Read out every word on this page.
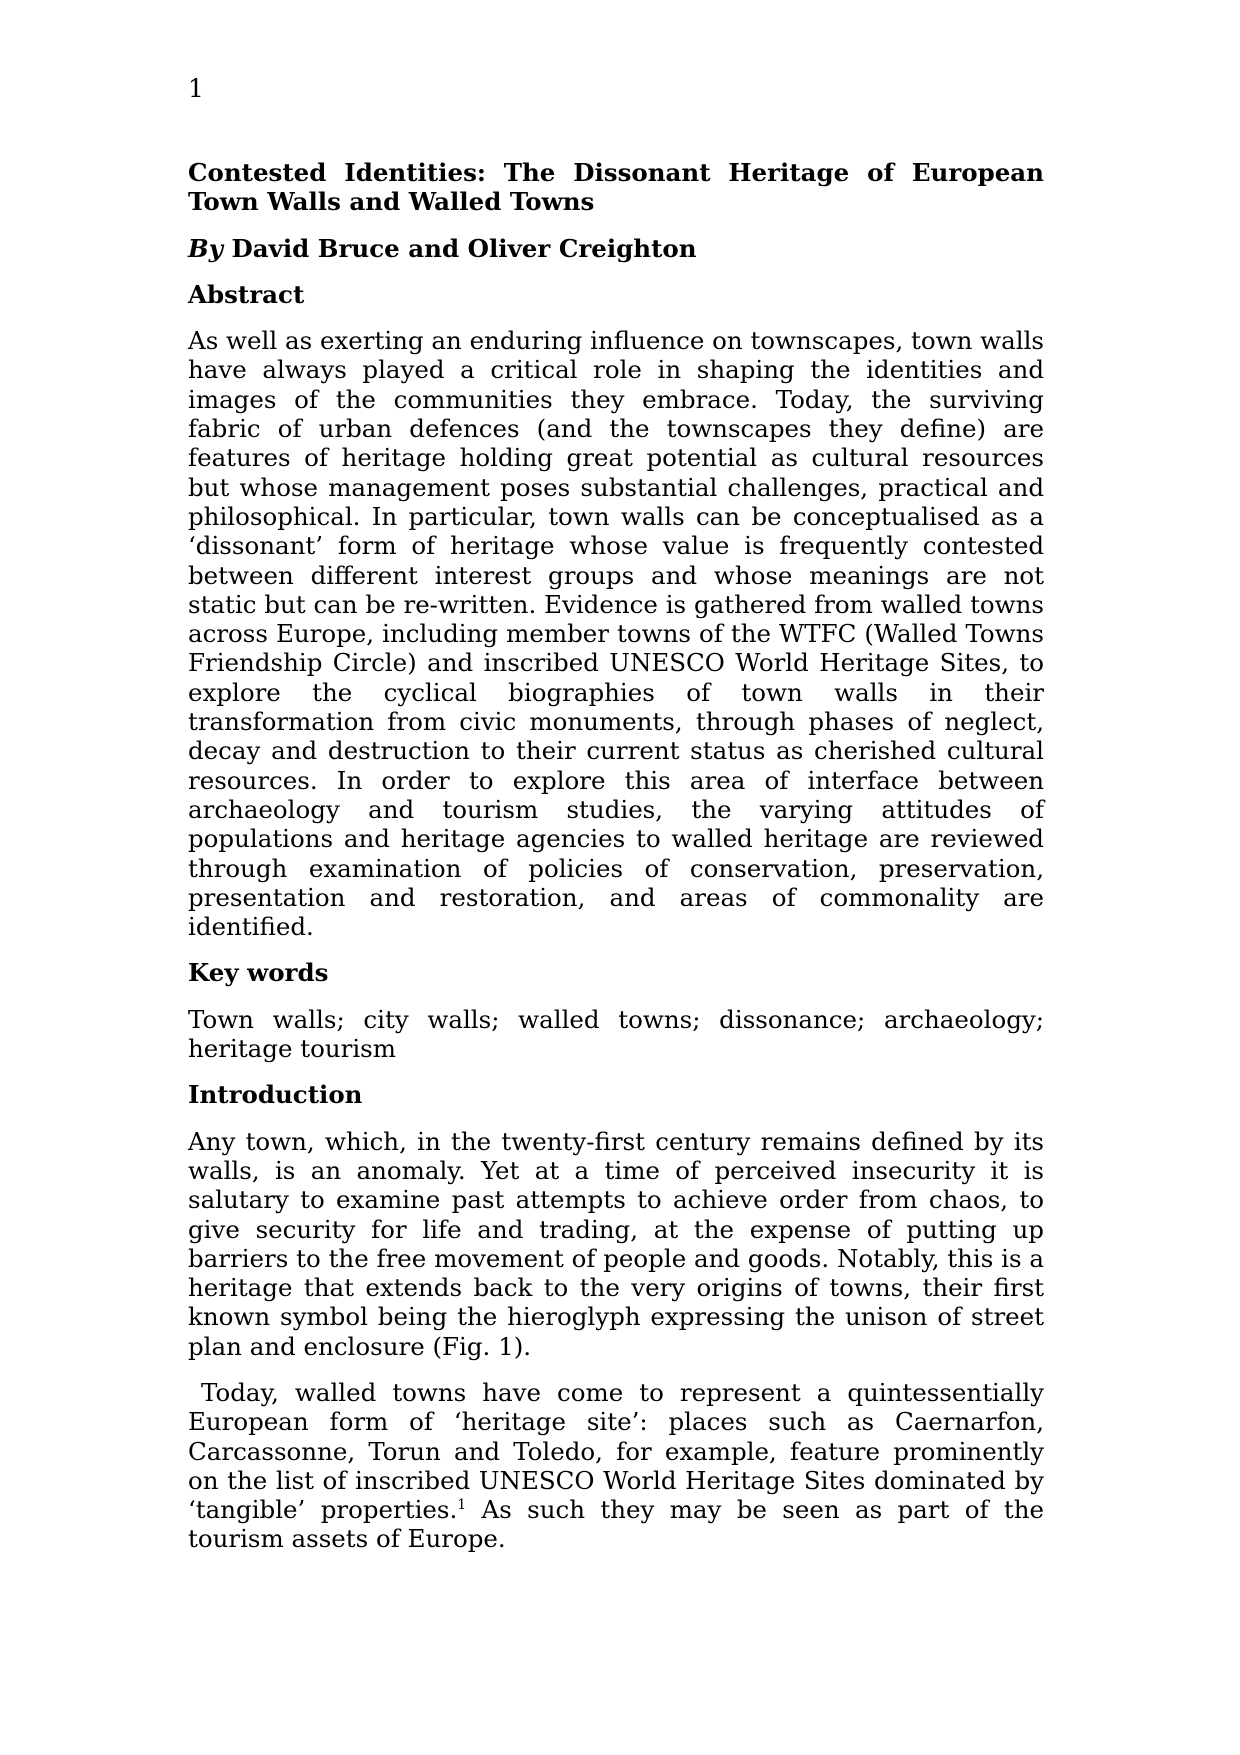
1
Contested Identities: The Dissonant Heritage of European
Town Walls and Walled Towns
By David Bruce and Oliver Creighton
Abstract
As well as exerting an enduring influence on townscapes, town walls have always played a critical role in shaping the identities and images of the communities they embrace. Today, the surviving fabric of urban defences (and the townscapes they define) are features of heritage holding great potential as cultural resources but whose management poses substantial challenges, practical and philosophical. In particular, town walls can be conceptualised as a ‘dissonant’ form of heritage whose value is frequently contested between different interest groups and whose meanings are not static but can be re-written. Evidence is gathered from walled towns across Europe, including member towns of the WTFC (Walled Towns Friendship Circle) and inscribed UNESCO World Heritage Sites, to explore the cyclical biographies of town walls in their transformation from civic monuments, through phases of neglect, decay and destruction to their current status as cherished cultural resources. In order to explore this area of interface between archaeology and tourism studies, the varying attitudes of populations and heritage agencies to walled heritage are reviewed through examination of policies of conservation, preservation, presentation and restoration, and areas of commonality are identified.
Key words
Town walls; city walls; walled towns; dissonance; archaeology; heritage tourism
Introduction
Any town, which, in the twenty-first century remains defined by its walls, is an anomaly. Yet at a time of perceived insecurity it is salutary to examine past attempts to achieve order from chaos, to give security for life and trading, at the expense of putting up barriers to the free movement of people and goods. Notably, this is a heritage that extends back to the very origins of towns, their first known symbol being the hieroglyph expressing the unison of street plan and enclosure (Fig. 1).
Today, walled towns have come to represent a quintessentially European form of ‘heritage site’: places such as Caernarfon, Carcassonne, Torun and Toledo, for example, feature prominently on the list of inscribed UNESCO World Heritage Sites dominated by ‘tangible’ properties.$^1$ As such they may be seen as part of the tourism assets of Europe.
